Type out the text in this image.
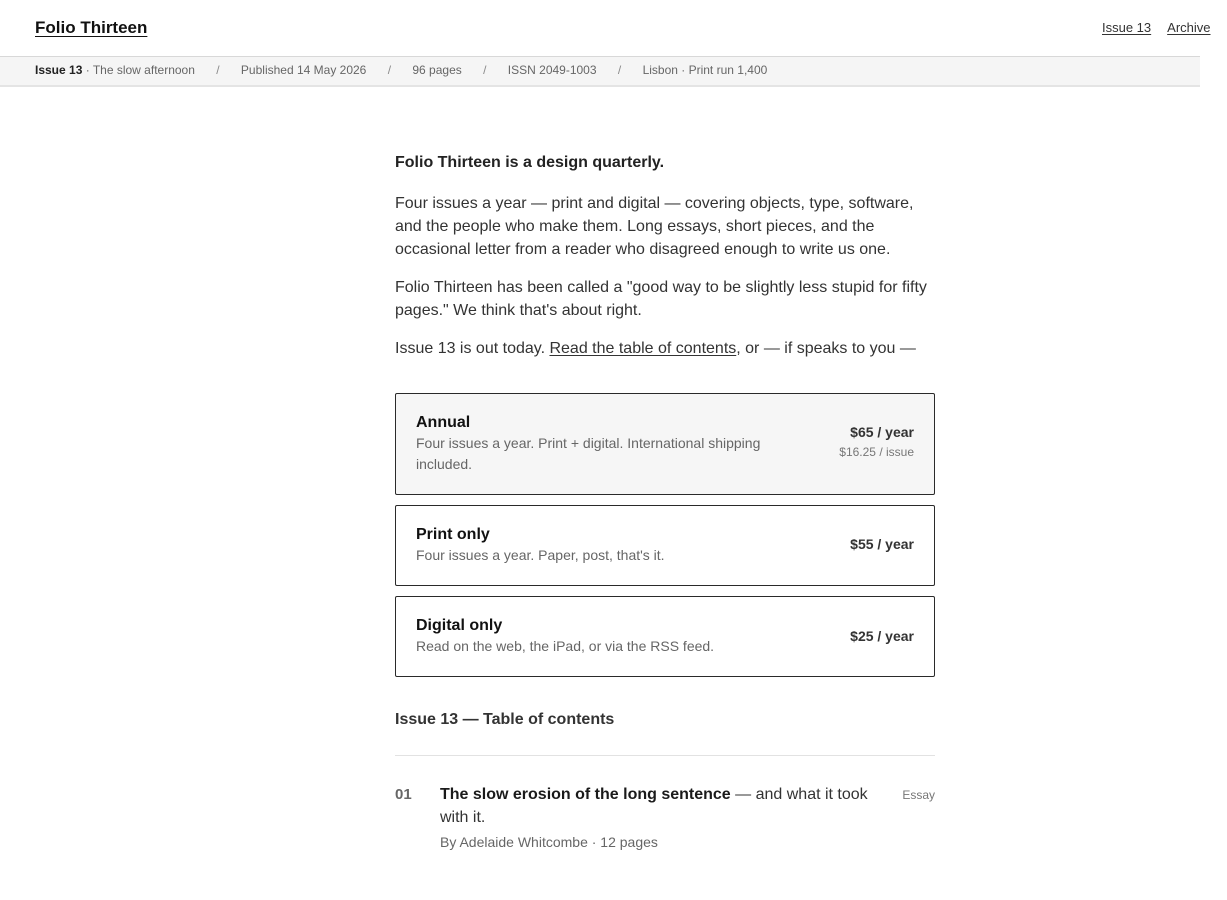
Folio Thirteen	Issue 13 Archive
Issue 13 · The slow afternoon / Published 14 May 2026 / 96 pages / ISSN 2049-1003 / Lisbon · Print run 1,400

Folio Thirteen is a design quarterly.

Four issues a year — print and digital — covering objects, type, software, and the people who make them. Long essays, short pieces, and the occasional letter from a reader who disagreed enough to write us one.

Folio Thirteen has been called a "good way to be slightly less stupid for fifty pages." We think that's about right.

Issue 13 is out today. Read the table of contents, or — if speaks to you —

Annual
Four issues a year. Print + digital. International shipping included.
$65 / year
$16.25 / issue
Print only
Four issues a year. Paper, post, that's it.
$55 / year
Digital only
Read on the web, the iPad, or via the RSS feed.
$25 / year
Issue 13 — Table of contents
01 The slow erosion of the long sentence — and what it took with it.
By Adelaide Whitcombe · 12 pages
Essay
